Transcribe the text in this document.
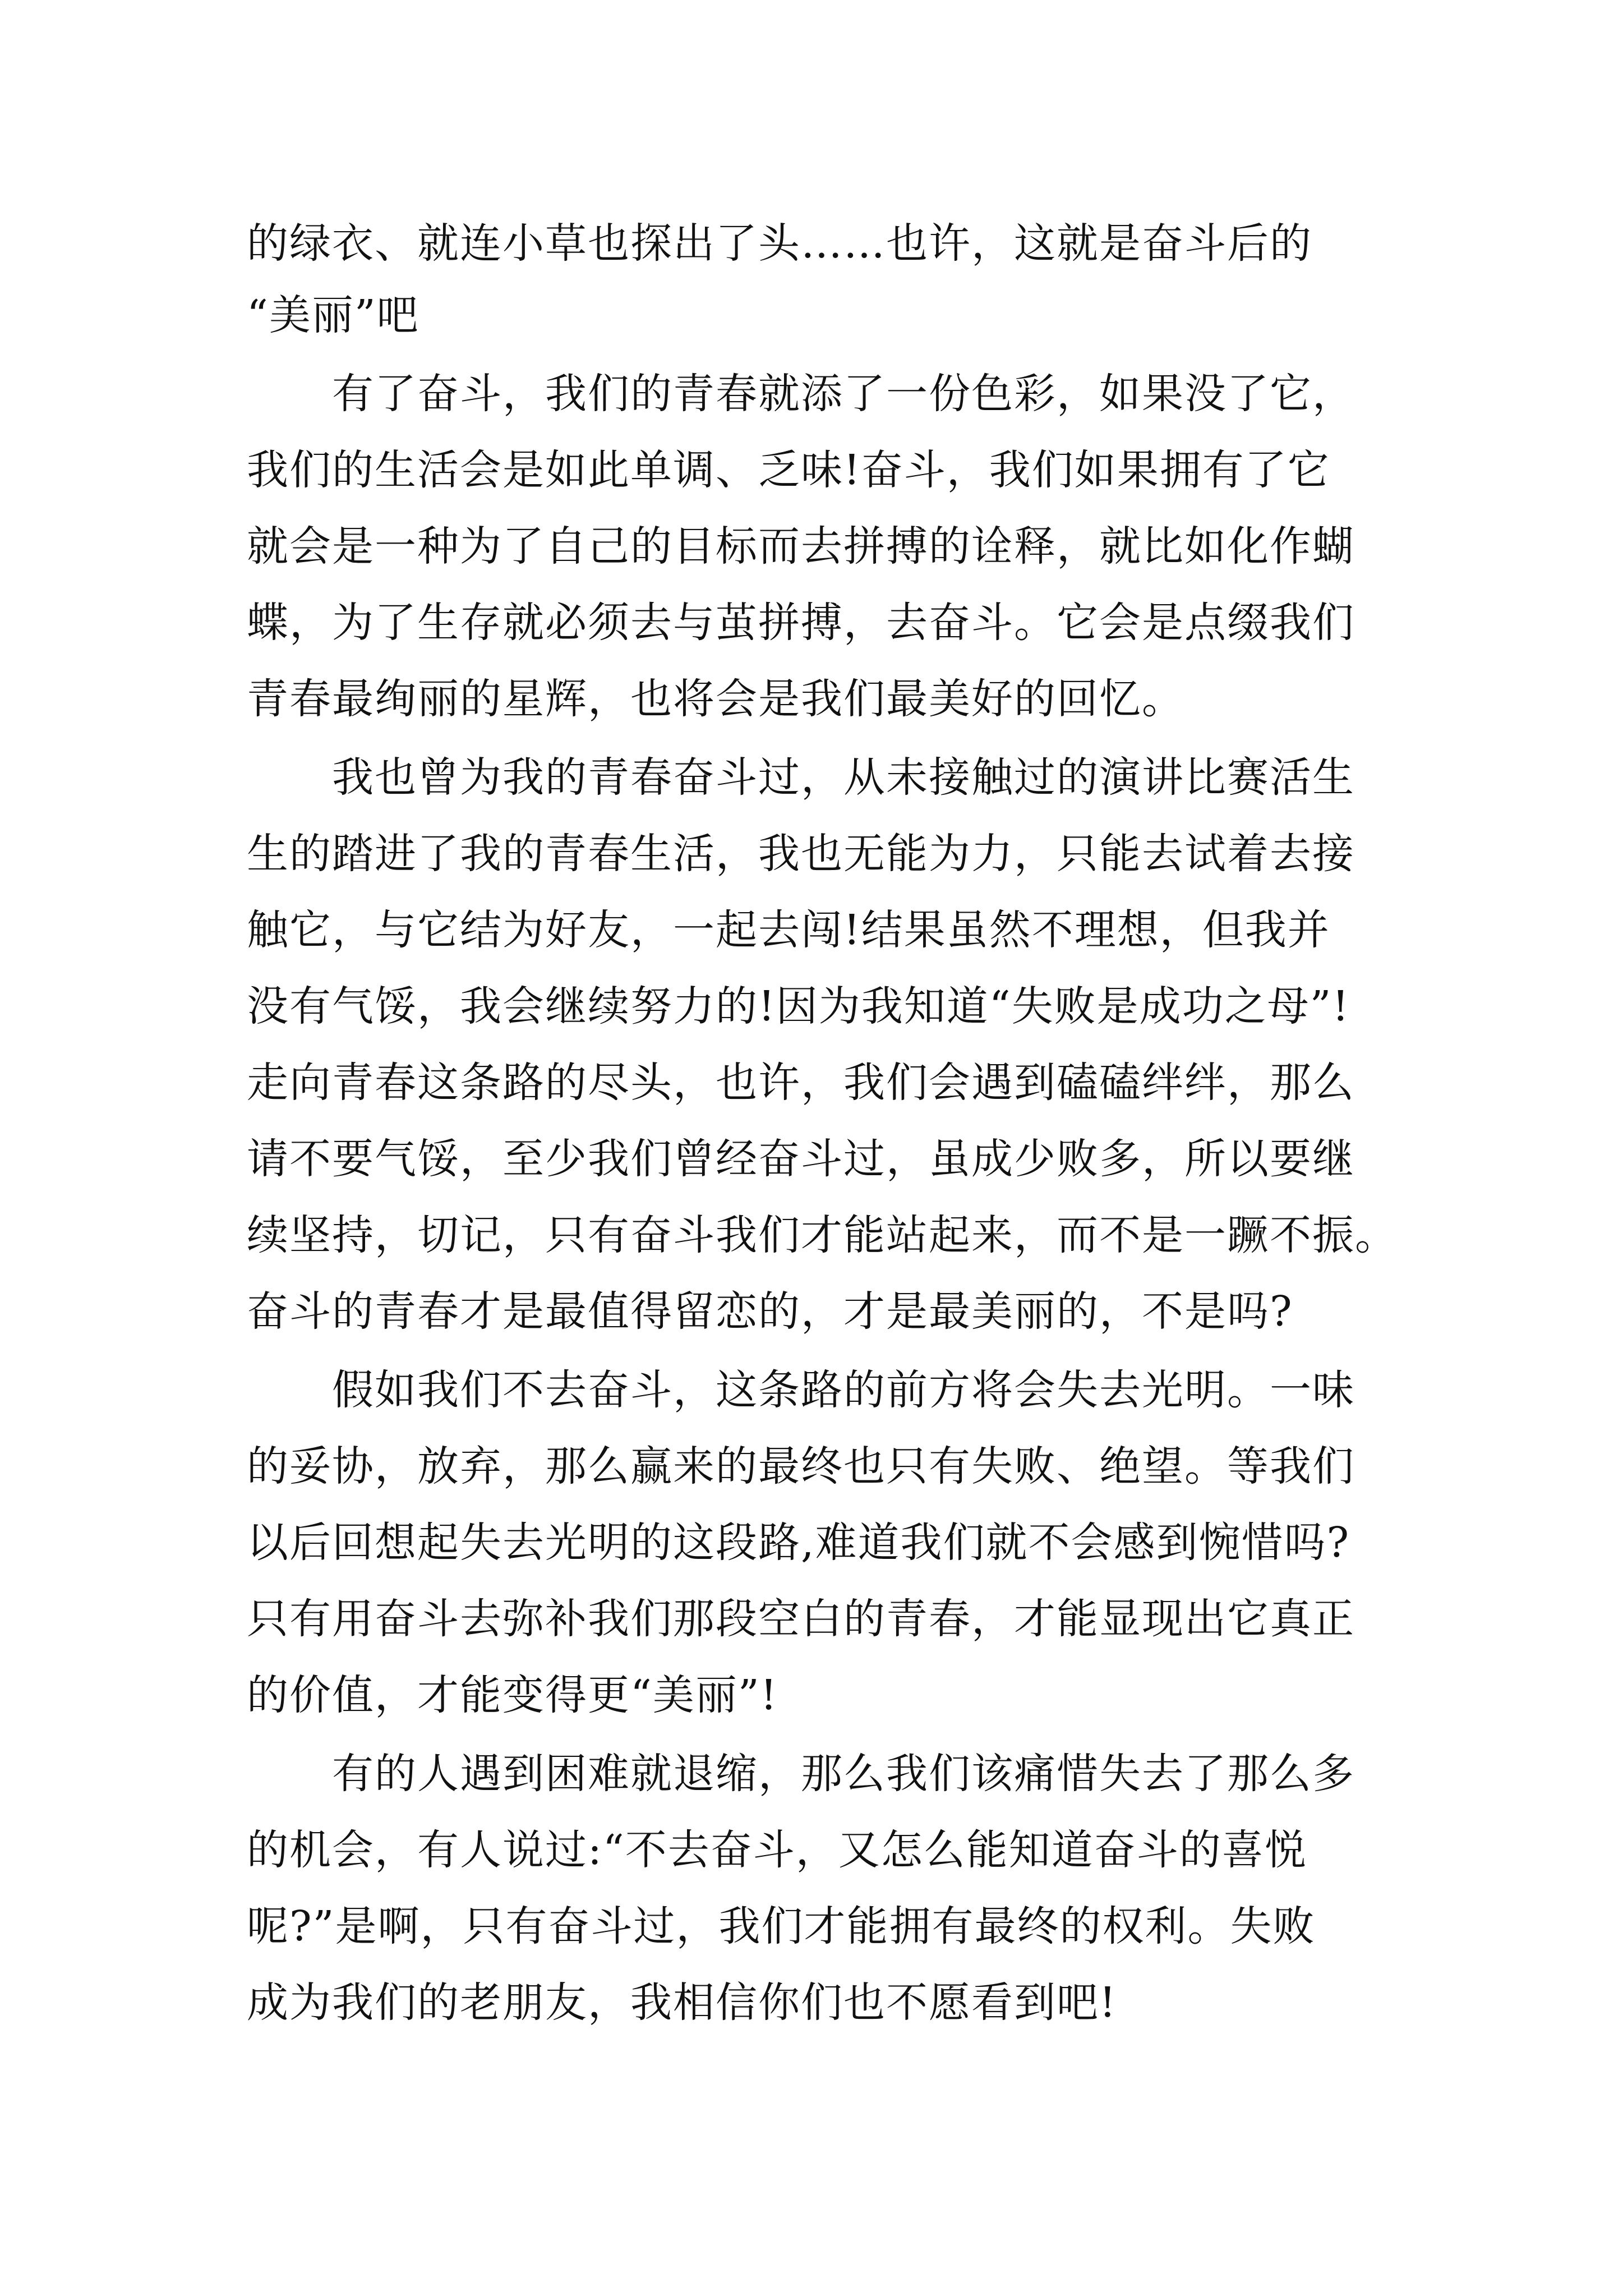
的绿衣、就连小草也探出了头……也许，这就是奋斗后的
“美丽”吧
有了奋斗，我们的青春就添了一份色彩，如果没了它，
我们的生活会是如此单调、乏味!奋斗，我们如果拥有了它
就会是一种为了自己的目标而去拼搏的诠释，就比如化作蝴
蝶，为了生存就必须去与茧拼搏，去奋斗。它会是点缀我们
青春最绚丽的星辉，也将会是我们最美好的回忆。
我也曾为我的青春奋斗过，从未接触过的演讲比赛活生
生的踏进了我的青春生活，我也无能为力，只能去试着去接
触它，与它结为好友，一起去闯!结果虽然不理想，但我并
没有气馁，我会继续努力的!因为我知道“失败是成功之母”!
走向青春这条路的尽头，也许，我们会遇到磕磕绊绊，那么
请不要气馁，至少我们曾经奋斗过，虽成少败多，所以要继
续坚持，切记，只有奋斗我们才能站起来，而不是一蹶不振。
奋斗的青春才是最值得留恋的，才是最美丽的，不是吗?
假如我们不去奋斗，这条路的前方将会失去光明。一味
的妥协，放弃，那么赢来的最终也只有失败、绝望。等我们
以后回想起失去光明的这段路,难道我们就不会感到惋惜吗?
只有用奋斗去弥补我们那段空白的青春，才能显现出它真正
的价值，才能变得更“美丽”!
有的人遇到困难就退缩，那么我们该痛惜失去了那么多
的机会，有人说过:“不去奋斗，又怎么能知道奋斗的喜悦
呢?”是啊，只有奋斗过，我们才能拥有最终的权利。失败
成为我们的老朋友，我相信你们也不愿看到吧!
